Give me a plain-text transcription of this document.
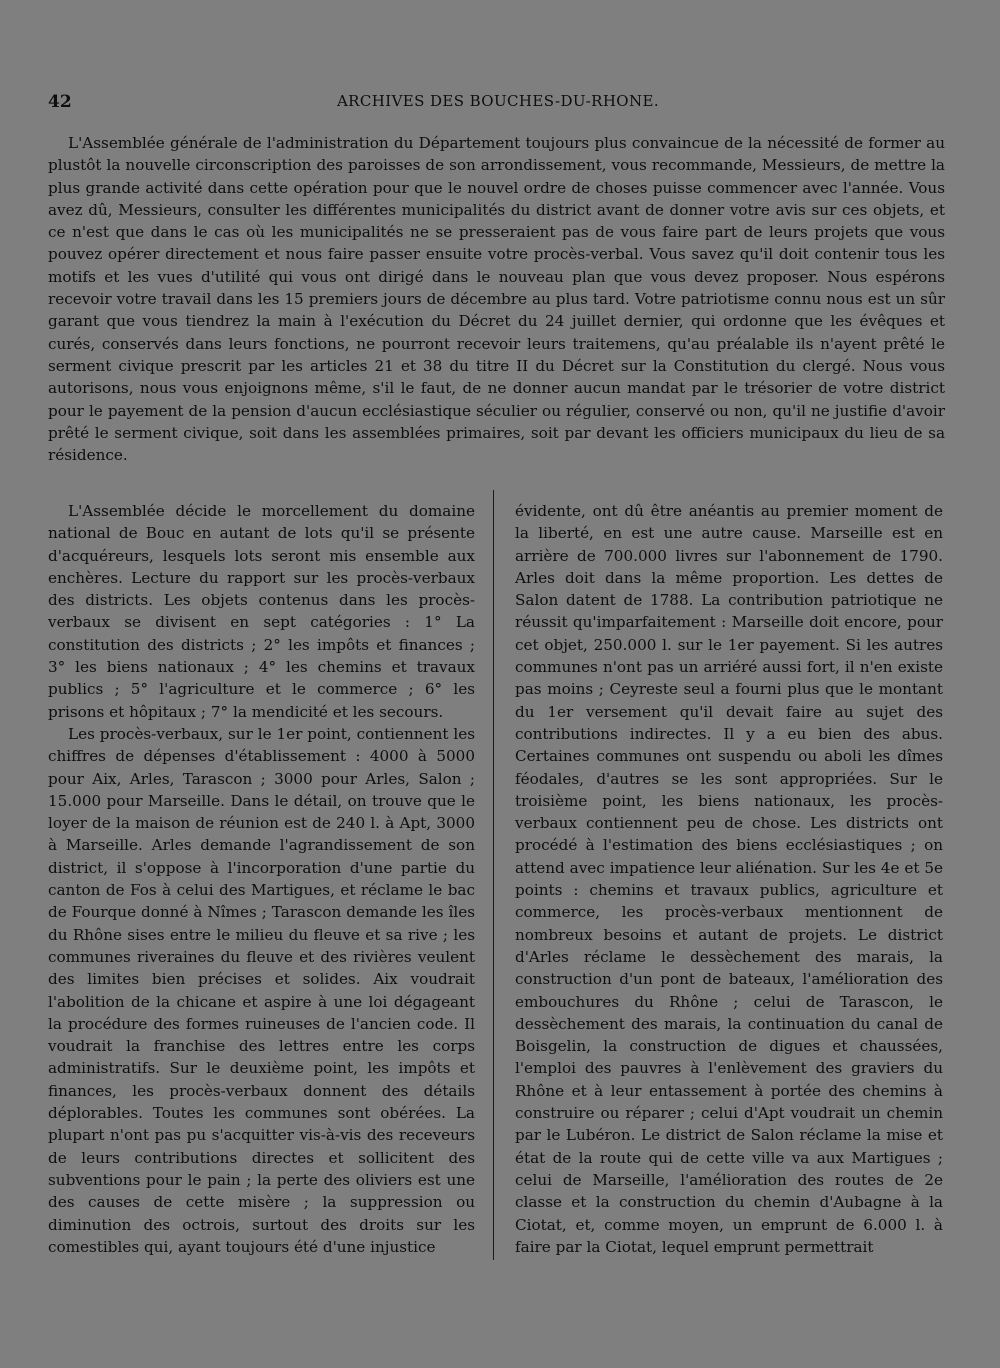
42	ARCHIVES DES BOUCHES-DU-RHONE.
L'Assemblée générale de l'administration du Département toujours plus convaincue de la nécessité de former au plustôt la nouvelle circonscription des paroisses de son arrondissement, vous recommande, Messieurs, de mettre la plus grande activité dans cette opération pour que le nouvel ordre de choses puisse commencer avec l'année. Vous avez dû, Messieurs, consulter les différentes municipalités du district avant de donner votre avis sur ces objets, et ce n'est que dans le cas où les municipalités ne se presseraient pas de vous faire part de leurs projets que vous pouvez opérer directement et nous faire passer ensuite votre procès-verbal. Vous savez qu'il doit contenir tous les motifs et les vues d'utilité qui vous ont dirigé dans le nouveau plan que vous devez proposer. Nous espérons recevoir votre travail dans les 15 premiers jours de décembre au plus tard. Votre patriotisme connu nous est un sûr garant que vous tiendrez la main à l'exécution du Décret du 24 juillet dernier, qui ordonne que les évêques et curés, conservés dans leurs fonctions, ne pourront recevoir leurs traitemens, qu'au préalable ils n'ayent prêté le serment civique prescrit par les articles 21 et 38 du titre II du Décret sur la Constitution du clergé. Nous vous autorisons, nous vous enjoignons même, s'il le faut, de ne donner aucun mandat par le trésorier de votre district pour le payement de la pension d'aucun ecclésiastique séculier ou régulier, conservé ou non, qu'il ne justifie d'avoir prêté le serment civique, soit dans les assemblées primaires, soit par devant les officiers municipaux du lieu de sa résidence.

L'Assemblée décide le morcellement du domaine national de Bouc en autant de lots qu'il se présente d'acquéreurs, lesquels lots seront mis ensemble aux enchères. Lecture du rapport sur les procès-verbaux des districts. Les objets contenus dans les procès-verbaux se divisent en sept catégories : 1° La constitution des districts ; 2° les impôts et finances ; 3° les biens nationaux ; 4° les chemins et travaux publics ; 5° l'agriculture et le commerce ; 6° les prisons et hôpitaux ; 7° la mendicité et les secours.

Les procès-verbaux, sur le 1er point, contiennent les chiffres de dépenses d'établissement : 4000 à 5000 pour Aix, Arles, Tarascon ; 3000 pour Arles, Salon ; 15.000 pour Marseille. Dans le détail, on trouve que le loyer de la maison de réunion est de 240 l. à Apt, 3000 à Marseille. Arles demande l'agrandissement de son district, il s'oppose à l'incorporation d'une partie du canton de Fos à celui des Martigues, et réclame le bac de Fourque donné à Nîmes ; Tarascon demande les îles du Rhône sises entre le milieu du fleuve et sa rive ; les communes riveraines du fleuve et des rivières veulent des limites bien précises et solides. Aix voudrait l'abolition de la chicane et aspire à une loi dégageant la procédure des formes ruineuses de l'ancien code. Il voudrait la franchise des lettres entre les corps administratifs. Sur le deuxième point, les impôts et finances, les procès-verbaux donnent des détails déplorables. Toutes les communes sont obérées. La plupart n'ont pas pu s'acquitter vis-à-vis des receveurs de leurs contributions directes et sollicitent des subventions pour le pain ; la perte des oliviers est une des causes de cette misère ; la suppression ou diminution des octrois, surtout des droits sur les comestibles qui, ayant toujours été d'une injustice

évidente, ont dû être anéantis au premier moment de la liberté, en est une autre cause. Marseille est en arrière de 700.000 livres sur l'abonnement de 1790. Arles doit dans la même proportion. Les dettes de Salon datent de 1788. La contribution patriotique ne réussit qu'imparfaitement : Marseille doit encore, pour cet objet, 250.000 l. sur le 1er payement. Si les autres communes n'ont pas un arriéré aussi fort, il n'en existe pas moins ; Ceyreste seul a fourni plus que le montant du 1er versement qu'il devait faire au sujet des contributions indirectes. Il y a eu bien des abus. Certaines communes ont suspendu ou aboli les dîmes féodales, d'autres se les sont appropriées. Sur le troisième point, les biens nationaux, les procès-verbaux contiennent peu de chose. Les districts ont procédé à l'estimation des biens ecclésiastiques ; on attend avec impatience leur aliénation. Sur les 4e et 5e points : chemins et travaux publics, agriculture et commerce, les procès-verbaux mentionnent de nombreux besoins et autant de projets. Le district d'Arles réclame le dessèchement des marais, la construction d'un pont de bateaux, l'amélioration des embouchures du Rhône ; celui de Tarascon, le dessèchement des marais, la continuation du canal de Boisgelin, la construction de digues et chaussées, l'emploi des pauvres à l'enlèvement des graviers du Rhône et à leur entassement à portée des chemins à construire ou réparer ; celui d'Apt voudrait un chemin par le Lubéron. Le district de Salon réclame la mise et état de la route qui de cette ville va aux Martigues ; celui de Marseille, l'amélioration des routes de 2e classe et la construction du chemin d'Aubagne à la Ciotat, et, comme moyen, un emprunt de 6.000 l. à faire par la Ciotat, lequel emprunt permettrait
